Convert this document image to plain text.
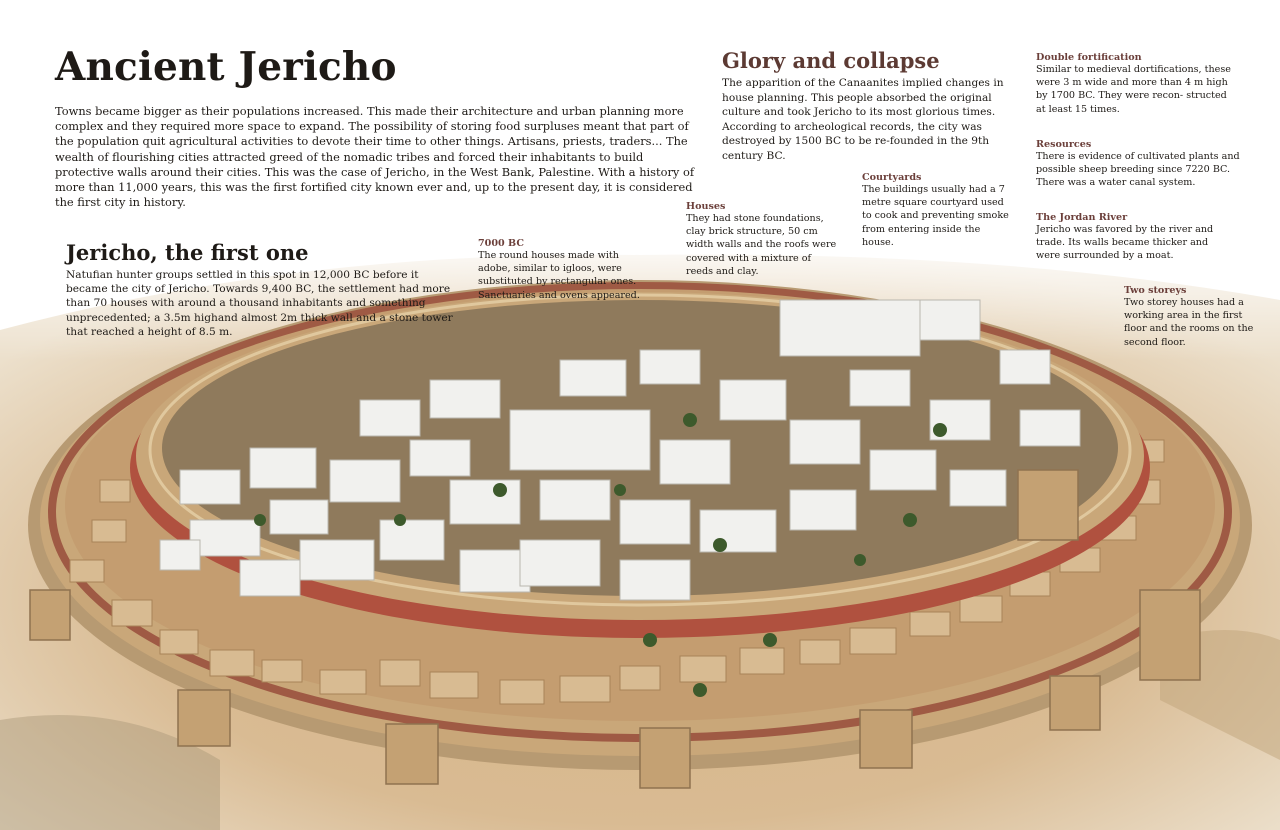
Ancient Jericho

Towns became bigger as their populations increased. This made their architecture and urban planning more complex and they required more space to expand. The possibility of storing food surpluses meant that part of the population quit agricultural activities to devote their time to other things. Artisans, priests, traders... The wealth of flourishing cities attracted greed of the nomadic tribes and forced their inhabitants to build protective walls around their cities. This was the case of Jericho, in the West Bank, Palestine. With a history of more than 11,000 years, this was the first fortified city known ever and, up to the present day, it is considered the first city in history.

Jericho, the first one

Natufian hunter groups settled in this spot in 12,000 BC before it became the city of Jericho. Towards 9,400 BC, the settlement had more than 70 houses with around a thousand inhabitants and something unprecedented; a 3.5m highand almost 2m thick wall and a stone tower that reached a height of 8.5 m.

Glory and collapse

The apparition of the Canaanites implied changes in house planning. This people absorbed the original culture and took Jericho to its most glorious times. According to archeological records, the city was destroyed by 1500 BC to be re-founded in the 9th century BC.

7000 BC
The round houses made with adobe, similar to igloos, were substituted by rectangular ones. Sanctuaries and ovens appeared.
Houses
They had stone foundations, clay brick structure, 50 cm width walls and the roofs were covered with a mixture of reeds and clay.
Courtyards
The buildings usually had a 7 metre square courtyard used to cook and preventing smoke from entering inside the house.
Double fortification
Similar to medieval dortifications, these were 3 m wide and more than 4 m high by 1700 BC. They were recon- structed at least 15 times.
Resources
There is evidence of cultivated plants and possible sheep breeding since 7220 BC. There was a water canal system.
The Jordan River
Jericho was favored by the river and trade. Its walls became thicker and were surrounded by a moat.
Two storeys
Two storey houses had a working area in the first floor and the rooms on the second floor.
